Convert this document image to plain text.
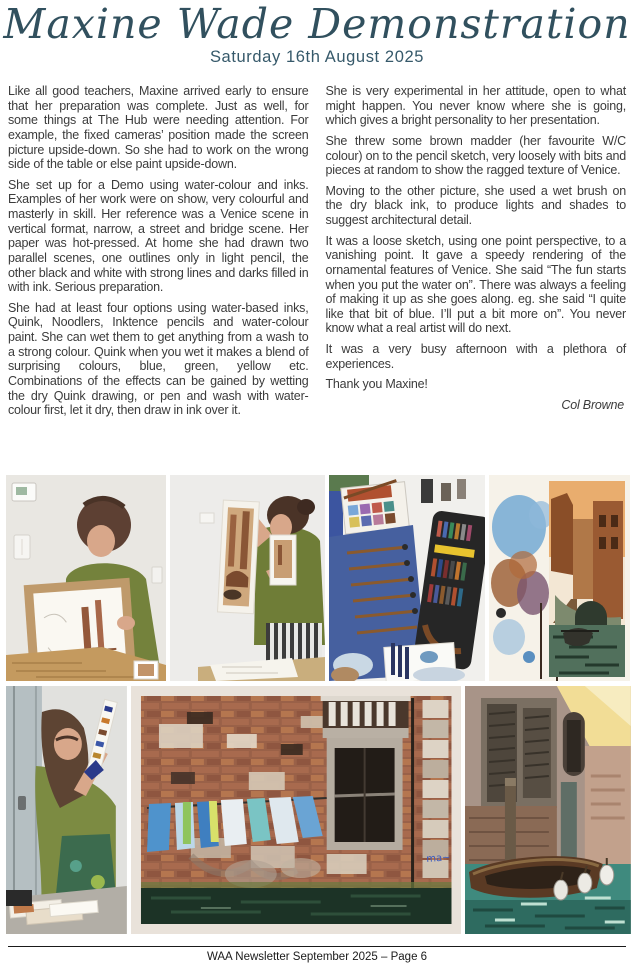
Maxine Wade Demonstration
Saturday 16th August 2025

Like all good teachers, Maxine arrived early to ensure that her preparation was complete. Just as well, for some things at The Hub were needing attention. For example, the fixed cameras’ position made the screen picture upside-down. So she had to work on the wrong side of the table or else paint upside-down.

She set up for a Demo using water-colour and inks. Examples of her work were on show, very colourful and masterly in skill. Her reference was a Venice scene in vertical format, narrow, a street and bridge scene. Her paper was hot-pressed. At home she had drawn two parallel scenes, one outlines only in light pencil, the other black and white with strong lines and darks filled in with ink. Serious preparation.

She had at least four options using water-based inks, Quink, Noodlers, Inktence pencils and water-colour paint. She can wet them to get anything from a wash to a strong colour. Quink when you wet it makes a blend of surprising colours, blue, green, yellow etc. Combinations of the effects can be gained by wetting the dry Quink drawing, or pen and wash with water-colour first, let it dry, then draw in ink over it.

She is very experimental in her attitude, open to what might happen. You never know where she is going, which gives a bright personality to her presentation.

She threw some brown madder (her favourite W/C colour) on to the pencil sketch, very loosely with bits and pieces at random to show the ragged texture of Venice.

Moving to the other picture, she used a wet brush on the dry black ink, to produce lights and shades to suggest architectural detail.

It was a loose sketch, using one point perspective, to a vanishing point. It gave a speedy rendering of the ornamental features of Venice. She said “The fun starts when you put the water on”. There was always a feeling of making it up as she goes along. eg. she said “I quite like that bit of blue. I’ll put a bit more on”. You never know what a real artist will do next.

It was a very busy afternoon with a plethora of experiences.

Thank you Maxine!

Col Browne
ma~
WAA Newsletter September 2025 – Page 6
